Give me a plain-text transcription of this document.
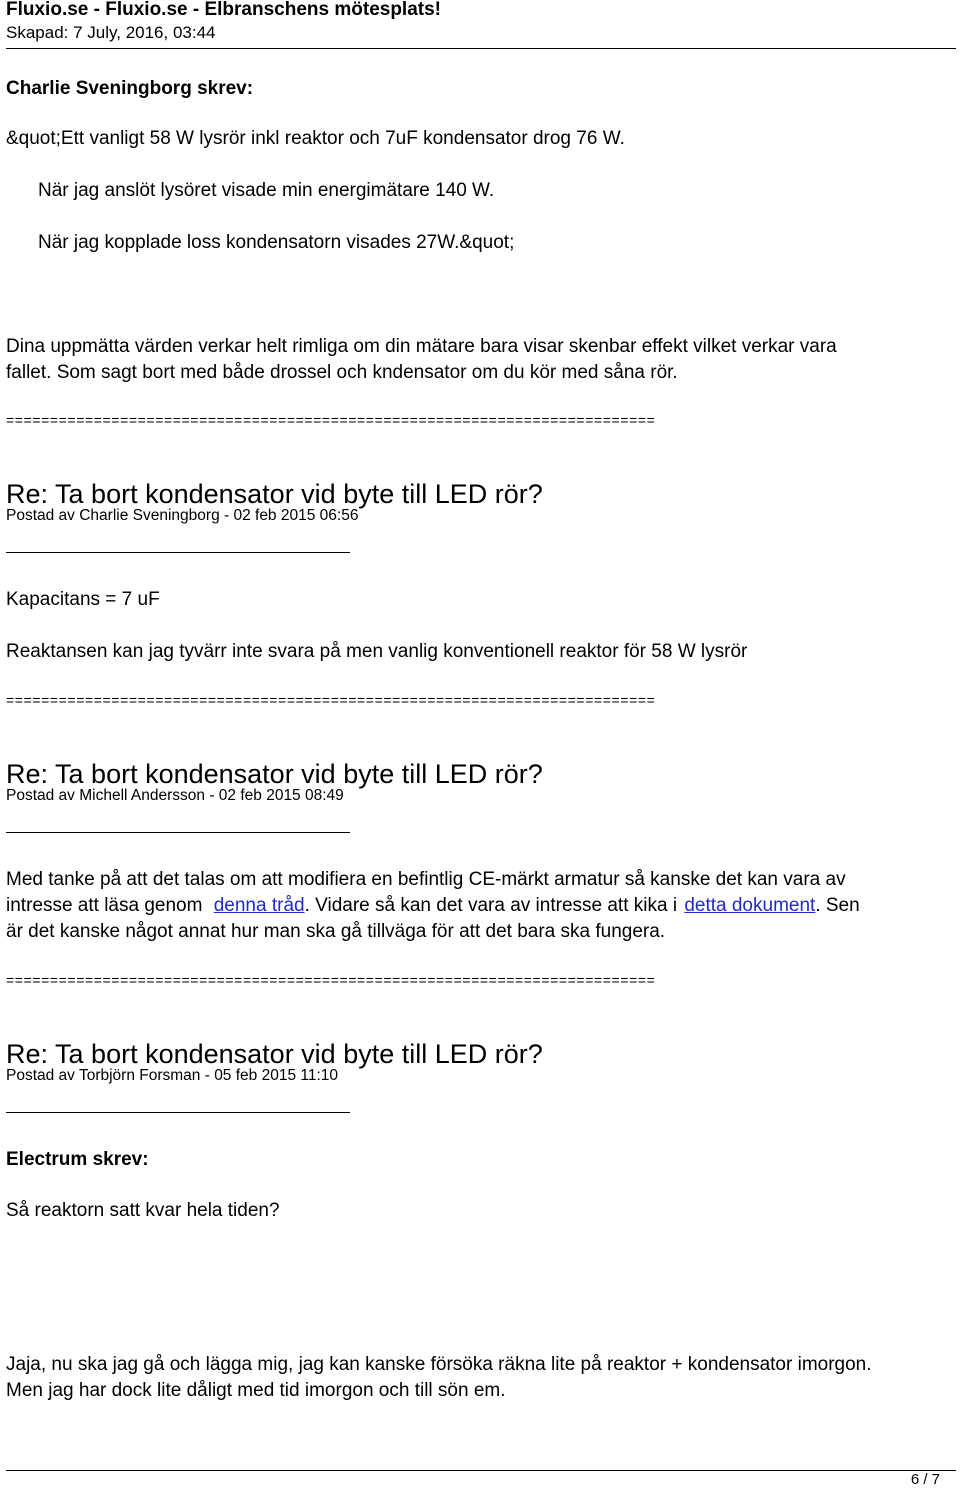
Fluxio.se - Fluxio.se - Elbranschens mötesplats!
Skapad: 7 July, 2016, 03:44
Charlie Sveningborg skrev:
&quot;Ett vanligt 58 W lysrör inkl reaktor och 7uF kondensator drog 76 W.
När jag anslöt lysöret visade min energimätare 140 W.
När jag kopplade loss kondensatorn visades 27W.&quot;
Dina uppmätta värden verkar helt rimliga om din mätare bara visar skenbar effekt vilket verkar vara
fallet. Som sagt bort med både drossel och kndensator om du kör med såna rör.
==========================================================================
Re: Ta bort kondensator vid byte till LED rör?
Postad av Charlie Sveningborg - 02 feb 2015 06:56
Kapacitans = 7 uF
Reaktansen kan jag tyvärr inte svara på men vanlig konventionell reaktor för 58 W lysrör
==========================================================================
Re: Ta bort kondensator vid byte till LED rör?
Postad av Michell Andersson - 02 feb 2015 08:49
Med tanke på att det talas om att modifiera en befintlig CE-märkt armatur så kanske det kan vara av
intresse att läsa genom denna tråd. Vidare så kan det vara av intresse att kika i detta dokument. Sen
är det kanske något annat hur man ska gå tillväga för att det bara ska fungera.
==========================================================================
Re: Ta bort kondensator vid byte till LED rör?
Postad av Torbjörn Forsman - 05 feb 2015 11:10
Electrum skrev:
Så reaktorn satt kvar hela tiden?
Jaja, nu ska jag gå och lägga mig, jag kan kanske försöka räkna lite på reaktor + kondensator imorgon.
Men jag har dock lite dåligt med tid imorgon och till sön em.
6 / 7
